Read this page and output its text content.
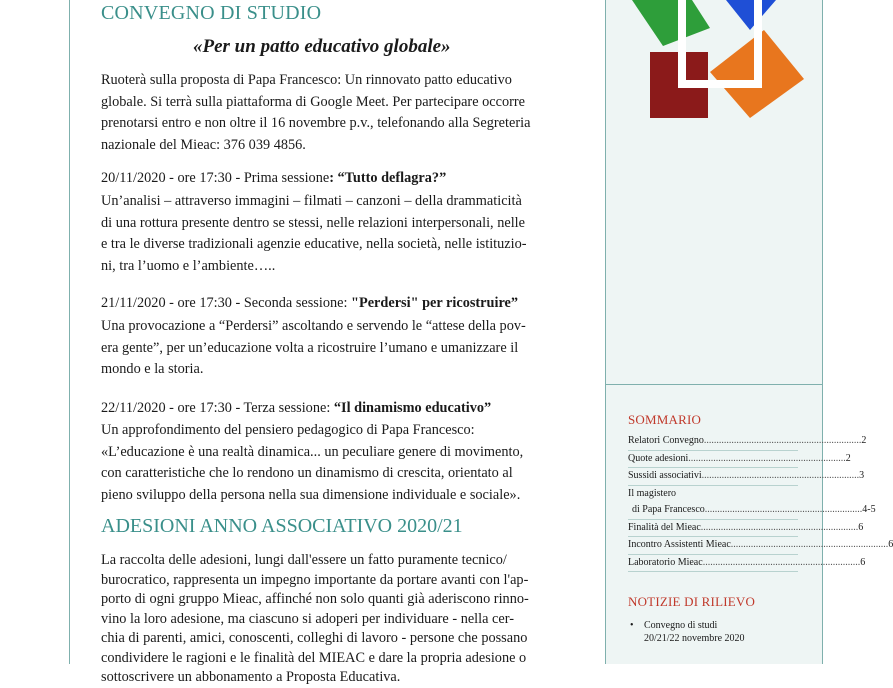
CONVEGNO DI STUDIO
«Per un patto educativo globale»
Ruoterà sulla proposta di Papa Francesco: Un rinnovato patto educativo
globale. Si terrà sulla piattaforma di Google Meet. Per partecipare occorre
prenotarsi entro e non oltre il 16 novembre p.v., telefonando alla Segreteria
nazionale del Mieac: 376 039 4856.
20/11/2020 - ore 17:30 - Prima sessione: “Tutto deflagra?”
Un’analisi – attraverso immagini – filmati – canzoni – della drammaticità
di una rottura presente dentro se stessi, nelle relazioni interpersonali, nelle
e tra le diverse tradizionali agenzie educative, nella società, nelle istituzio-
ni, tra l’uomo e l’ambiente…..
21/11/2020 - ore 17:30 - Seconda sessione: "Perdersi" per ricostruire”
Una provocazione a “Perdersi” ascoltando e servendo le “attese della pov-
era gente”, per un’educazione volta a ricostruire l’umano e umanizzare il
mondo e la storia.
22/11/2020 - ore 17:30 - Terza sessione: “Il dinamismo educativo”
Un approfondimento del pensiero pedagogico di Papa Francesco:
«L’educazione è una realtà dinamica... un peculiare genere di movimento,
con caratteristiche che lo rendono un dinamismo di crescita, orientato al
pieno sviluppo della persona nella sua dimensione individuale e sociale».
ADESIONI ANNO ASSOCIATIVO 2020/21
La raccolta delle adesioni, lungi dall'essere un fatto puramente tecnico/
burocratico, rappresenta un impegno importante da portare avanti con l'ap-
porto di ogni gruppo Mieac, affinché non solo quanti già aderiscono rinno-
vino la loro adesione, ma ciascuno si adoperi per individuare - nella cer-
chia di parenti, amici, conoscenti, colleghi di lavoro - persone che possano
condividere le ragioni e le finalità del MIEAC e dare la propria adesione o
sottoscrivere un abbonamento a Proposta Educativa.
SOMMARIO
Relatori Convegno ............................................................... 2
Quote adesioni ............................................................... 2
Sussidi associativi ............................................................... 3
Il magistero
di Papa Francesco ............................................................... 4-5
Finalità del Mieac ............................................................... 6
Incontro Assistenti Mieac ............................................................... 6
Laboratorio Mieac ............................................................... 6
NOTIZIE DI RILIEVO
• Convegno di studi
20/21/22 novembre 2020
